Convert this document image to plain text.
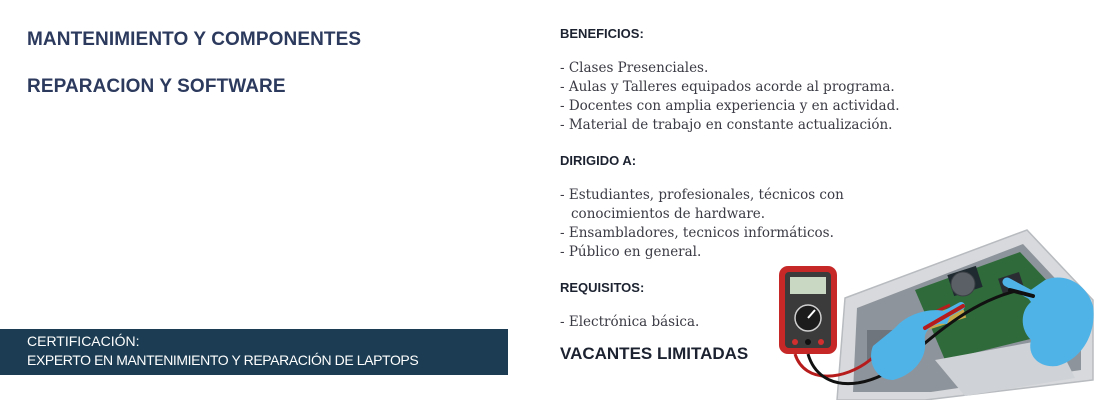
MANTENIMIENTO Y COMPONENTES
REPARACION Y SOFTWARE
CERTIFICACIÓN:
EXPERTO EN MANTENIMIENTO Y REPARACIÓN DE LAPTOPS
BENEFICIOS:
- Clases Presenciales.
- Aulas y Talleres equipados acorde al programa.
- Docentes con amplia experiencia y en actividad.
- Material de trabajo en constante actualización.
DIRIGIDO A:
- Estudiantes, profesionales, técnicos con
conocimientos de hardware.
- Ensambladores, tecnicos informáticos.
- Público en general.
REQUISITOS:
- Electrónica básica.
VACANTES LIMITADAS
